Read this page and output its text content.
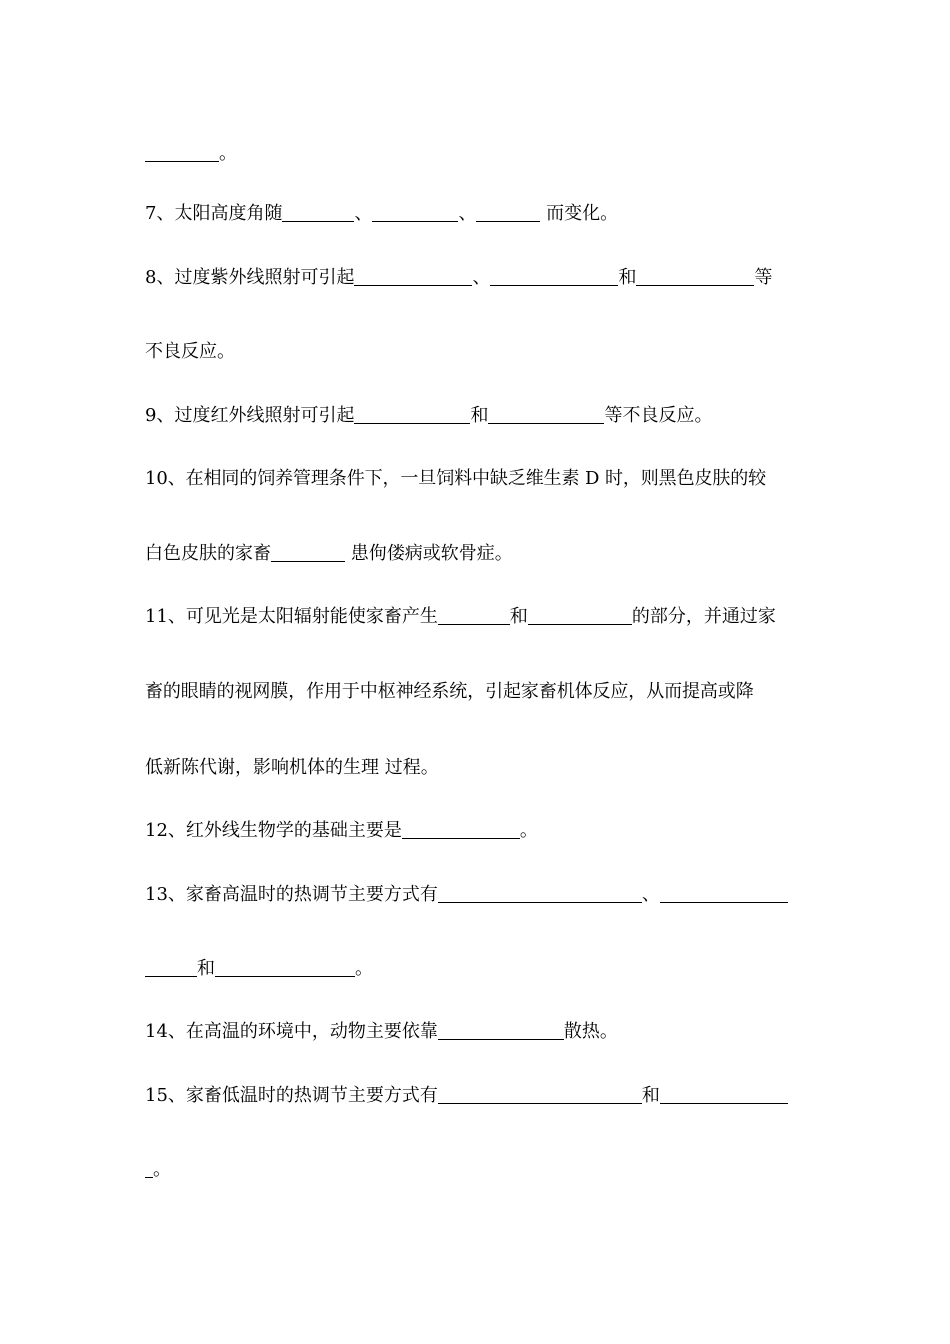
。
7、太阳高度角随	、	、	而变化。
8、过度紫外线照射可引起	、	和	等
不良反应。
9、过度红外线照射可引起	和	等不良反应。
10、在相同的饲养管理条件下，一旦饲料中缺乏维生素 D 时，则黑色皮肤的较
白色皮肤的家畜	患佝偻病或软骨症。
11、可见光是太阳辐射能使家畜产生	和	的部分，并通过家
畜的眼睛的视网膜，作用于中枢神经系统，引起家畜机体反应，从而提高或降
低新陈代谢，影响机体的生理 过程。
12、红外线生物学的基础主要是	。
13、家畜高温时的热调节主要方式有	、
和	。
14、在高温的环境中，动物主要依靠	散热。
15、家畜低温时的热调节主要方式有	和
。
